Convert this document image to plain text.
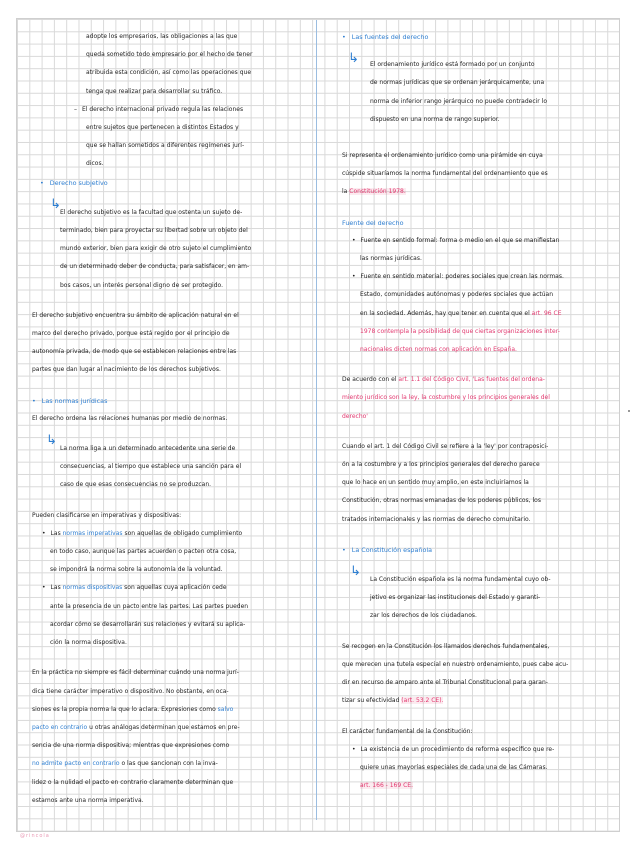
adopte los empresarios, las obligaciones a las que

queda sometido todo empresario por el hecho de tener

atribuida esta condición, así como las operaciones que

tenga que realizar para desarrollar su tráfico.

– El derecho internacional privado regula las relaciones

entre sujetos que pertenecen a distintos Estados y

que se hallan sometidos a diferentes regímenes jurí-

dicos.

• Derecho subjetivo

↳

El derecho subjetivo es la facultad que ostenta un sujeto de-

terminado, bien para proyectar su libertad sobre un objeto del

mundo exterior, bien para exigir de otro sujeto el cumplimiento

de un determinado deber de conducta, para satisfacer, en am-

bos casos, un interés personal digno de ser protegido.

El derecho subjetivo encuentra su ámbito de aplicación natural en el

marco del derecho privado, porque está regido por el principio de

autonomía privada, de modo que se establecen relaciones entre las

partes que dan lugar al nacimiento de los derechos subjetivos.

• Las normas jurídicas

El derecho ordena las relaciones humanas por medio de normas.

↳

La norma liga a un determinado antecedente una serie de

consecuencias, al tiempo que establece una sanción para el

caso de que esas consecuencias no se produzcan.

Pueden clasificarse en imperativas y dispositivas:

• Las normas imperativas son aquellas de obligado cumplimiento

en todo caso, aunque las partes acuerden o pacten otra cosa,

se impondrá la norma sobre la autonomía de la voluntad.

• Las normas dispositivas son aquellas cuya aplicación cede

ante la presencia de un pacto entre las partes. Las partes pueden

acordar cómo se desarrollarán sus relaciones y evitará su aplica-

ción la norma dispositiva.

En la práctica no siempre es fácil determinar cuándo una norma jurí-

dica tiene carácter imperativo o dispositivo. No obstante, en oca-

siones es la propia norma la que lo aclara. Expresiones como salvo

pacto en contrario u otras análogas determinan que estamos en pre-

sencia de una norma dispositiva; mientras que expresiones como

no admite pacto en contrario o las que sancionan con la inva-

lidez o la nulidad el pacto en contrario claramente determinan que

estamos ante una norma imperativa.

• Las fuentes del derecho

↳	El ordenamiento jurídico está formado por un conjunto

de normas jurídicas que se ordenan jerárquicamente, una

norma de inferior rango jerárquico no puede contradecir lo

dispuesto en una norma de rango superior.

Si representa el ordenamiento jurídico como una pirámide en cuya

cúspide situaríamos la norma fundamental del ordenamiento que es

la Constitución 1978.

Fuente del derecho

• Fuente en sentido formal: forma o medio en el que se manifiestan

las normas jurídicas.

• Fuente en sentido material: poderes sociales que crean las normas.

Estado, comunidades autónomas y poderes sociales que actúan

en la sociedad. Además, hay que tener en cuenta que el art. 96 CE

1978 contempla la posibilidad de que ciertas organizaciones inter-

nacionales dicten normas con aplicación en España.

De acuerdo con el art. 1.1 del Código Civil, 'Las fuentes del ordena-

miento jurídico son la ley, la costumbre y los principios generales del

derecho'

Cuando el art. 1 del Código Civil se refiere a la 'ley' por contraposici-

ón a la costumbre y a los principios generales del derecho parece

que lo hace en un sentido muy amplio, en este incluiríamos la

Constitución, otras normas emanadas de los poderes públicos, los

tratados internacionales y las normas de derecho comunitario.

• La Constitución española

↳

La Constitución española es la norma fundamental cuyo ob-

jetivo es organizar las instituciones del Estado y garanti-

zar los derechos de los ciudadanos.

Se recogen en la Constitución los llamados derechos fundamentales,

que merecen una tutela especial en nuestro ordenamiento, pues cabe acu-

dir en recurso de amparo ante el Tribunal Constitucional para garan-

tizar su efectividad (art. 53.2 CE).

El carácter fundamental de la Constitución:

• La existencia de un procedimiento de reforma específico que re-

quiere unas mayorías especiales de cada una de las Cámaras.

art. 166 - 169 CE.

@rincola
